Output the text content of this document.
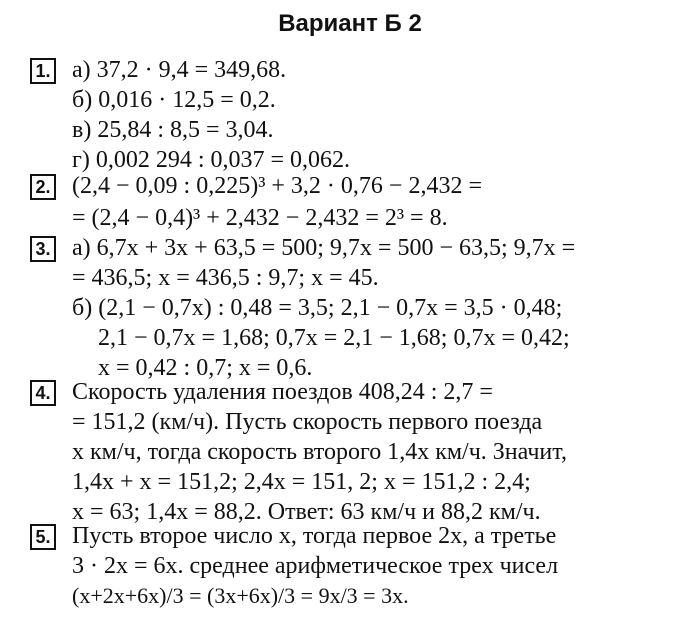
Вариант Б 2
1. а) 37,2 · 9,4 = 349,68.
б) 0,016 · 12,5 = 0,2.
в) 25,84 : 8,5 = 3,04.
г) 0,002 294 : 0,037 = 0,062.
2. (2,4 − 0,09 : 0,225)³ + 3,2 · 0,76 − 2,432 =
= (2,4 − 0,4)³ + 2,432 − 2,432 = 2³ = 8.
3. а) 6,7x + 3x + 63,5 = 500; 9,7x = 500 − 63,5; 9,7x =
= 436,5; x = 436,5 : 9,7; x = 45.
б) (2,1 − 0,7x) : 0,48 = 3,5; 2,1 − 0,7x = 3,5 · 0,48;
2,1 − 0,7x = 1,68; 0,7x = 2,1 − 1,68; 0,7x = 0,42;
x = 0,42 : 0,7; x = 0,6.
4. Скорость удаления поездов 408,24 : 2,7 =
= 151,2 (км/ч). Пусть скорость первого поезда
x км/ч, тогда скорость второго 1,4x км/ч. Значит,
1,4x + x = 151,2; 2,4x = 151, 2; x = 151,2 : 2,4;
x = 63; 1,4x = 88,2. Ответ: 63 км/ч и 88,2 км/ч.
5. Пусть второе число x, тогда первое 2x, а третье
3 · 2x = 6x. среднее арифметическое трех чисел
(x+2x+6x)/3 = (3x+6x)/3 = 9x/3 = 3x.
